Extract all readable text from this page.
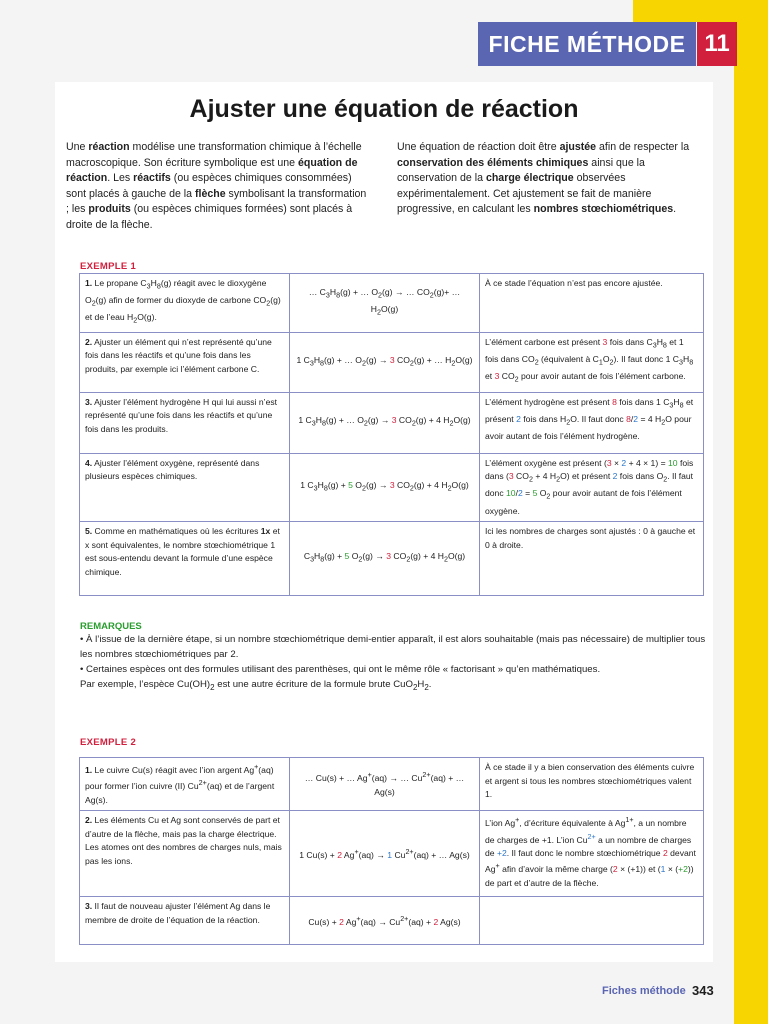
FICHE MÉTHODE 11
Ajuster une équation de réaction
Une réaction modélise une transformation chimique à l’échelle macroscopique. Son écriture symbolique est une équation de réaction. Les réactifs (ou espèces chimiques consommées) sont placés à gauche de la flèche symbolisant la transformation ; les produits (ou espèces chimiques formées) sont placés à droite de la flèche.
Une équation de réaction doit être ajustée afin de respecter la conservation des éléments chimiques ainsi que la conservation de la charge électrique observées expérimentalement. Cet ajustement se fait de manière progressive, en calculant les nombres stœchiométriques.
EXEMPLE 1
1. Le propane $C_3H_8(g)$ réagit avec le dioxygène $O_2(g)$ afin de former du dioxyde de carbone $CO_2(g)$ et de l’eau $H_2O(g)$.	… $C_3H_8(g)$ + … $O_2(g)$ → … $CO_2(g)+$ … $H_2O(g)$	À ce stade l’équation n’est pas encore ajustée.
2. Ajuster un élément qui n’est représenté qu’une fois dans les réactifs et qu’une fois dans les produits, par exemple ici l’élément carbone C.	1 $C_3H_8(g)$ + … $O_2(g) \to 3$ $CO_2(g)$ + … $H_2O(g)$	L’élément carbone est présent 3 fois dans $C_3H_8$ et 1 fois dans $CO_2$ (équivalent à $C_1O_2$). Il faut donc 1 $C_3H_8$ et 3 $CO_2$ pour avoir autant de fois l’élément carbone.
3. Ajuster l’élément hydrogène H qui lui aussi n’est représenté qu’une fois dans les réactifs et qu’une fois dans les produits.	1 $C_3H_8(g)$ + … $O_2(g) \to 3$ $CO_2(g) + 4$ $H_2O(g)$	L’élément hydrogène est présent 8 fois dans 1 $C_3H_8$ et présent 2 fois dans $H_2O$. Il faut donc 8/2 = 4 $H_2O$ pour avoir autant de fois l’élément hydrogène.
4. Ajuster l’élément oxygène, représenté dans plusieurs espèces chimiques.	1 $C_3H_8(g) + 5$ $O_2(g) \to 3$ $CO_2(g) + 4$ $H_2O(g)$	L’élément oxygène est présent (3 × 2 + 4 × 1) = 10 fois dans (3 $CO_2 + 4$ $H_2O$) et présent 2 fois dans $O_2$. Il faut donc 10/2 = 5 $O_2$ pour avoir autant de fois l’élément oxygène.
5. Comme en mathématiques où les écritures 1x et x sont équivalentes, le nombre stœchiométrique 1 est sous-entendu devant la formule d’une espèce chimique.	$C_3H_8(g) + 5$ $O_2(g) \to 3$ $CO_2(g) + 4$ $H_2O(g)$	Ici les nombres de charges sont ajustés : 0 à gauche et 0 à droite.
REMARQUES
• À l’issue de la dernière étape, si un nombre stœchiométrique demi-entier apparaît, il est alors souhaitable (mais pas nécessaire) de multiplier tous les nombres stœchiométriques par 2.
• Certaines espèces ont des formules utilisant des parenthèses, qui ont le même rôle « factorisant » qu’en mathématiques.
Par exemple, l’espèce $Cu(OH)_2$ est une autre écriture de la formule brute $CuO_2H_2$.
EXEMPLE 2
1. Le cuivre Cu(s) réagit avec l’ion argent Ag+(aq) pour former l’ion cuivre (II) $Cu^{2+}(aq)$ et de l’argent Ag(s).	… Cu(s) + … Ag+(aq) → … $Cu^{2+}(aq)$ + … Ag(s)	À ce stade il y a bien conservation des éléments cuivre et argent si tous les nombres stœchiométriques valent 1.
2. Les éléments Cu et Ag sont conservés de part et d’autre de la flèche, mais pas la charge électrique. Les atomes ont des nombres de charges nuls, mais pas les ions.	1 Cu(s) + 2 Ag+(aq) → 1 $Cu^{2+}(aq)$ + … Ag(s)	L’ion Ag+, d’écriture équivalente à $Ag^{1+}$, a un nombre de charges de +1. L’ion $Cu^{2+}$ a un nombre de charges de +2. Il faut donc le nombre stœchiométrique 2 devant Ag+ afin d’avoir la même charge (2 × (+1)) et (1 × (+2)) de part et d’autre de la flèche.
3. Il faut de nouveau ajuster l’élément Ag dans le membre de droite de l’équation de la réaction.	Cu(s) + 2 $Ag^+(aq) \to Cu^{2+}(aq) + 2$ Ag(s)	
Fiches méthode 343
